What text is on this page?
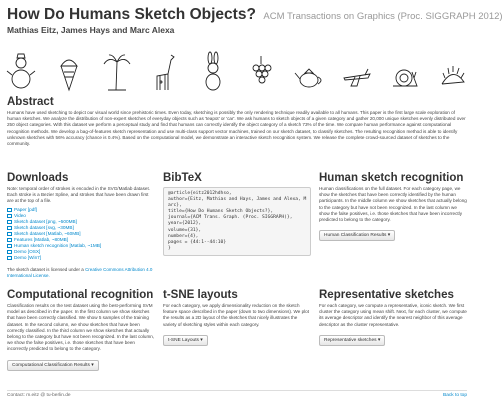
How Do Humans Sketch Objects? ACM Transactions on Graphics (Proc. SIGGRAPH 2012)
Mathias Eitz, James Hays and Marc Alexa
Abstract

Humans have used sketching to depict our visual world since prehistoric times. Even today, sketching is possibly the only rendering technique readily available to all humans. This paper is the first large scale exploration of human sketches. We analyze the distribution of non-expert sketches of everyday objects such as 'teapot' or 'car'. We ask humans to sketch objects of a given category and gather 20,000 unique sketches evenly distributed over 250 object categories. With this dataset we perform a perceptual study and find that humans can correctly identify the object category of a sketch 73% of the time. We compare human performance against computational recognition methods. We develop a bag-of-features sketch representation and use multi-class support vector machines, trained on our sketch dataset, to classify sketches. The resulting recognition method is able to identify unknown sketches with 56% accuracy (chance is 0.4%). Based on the computational model, we demonstrate an interactive sketch recognition system. We release the complete crowd-sourced dataset of sketches to the community.

Downloads

Note: temporal order of strokes is encoded in the SVG/Matlab dataset. Each stroke is a Bezier Spline, and strokes that have been drawn first are at the top of a file.

Paper [pdf]
Video
Sketch dataset [png, ~500MB]
Sketch dataset [svg, ~30MB]
Sketch dataset [Matlab, ~60MB]
Features [Matlab, ~80MB]
Human sketch recognition [Matlab, ~1MB]
Demo [OSX]
Demo [Win7]
The sketch dataset is licensed under a Creative Commons Attribution 4.0 International License.
BibTeX
@article{eitz2012hdhso,
author={Eitz, Mathias and Hays, James and Alexa, M
arc},
title={How Do Humans Sketch Objects?},
journal={ACM Trans. Graph. (Proc. SIGGRAPH)},
year={2012},
volume={31},
number={4},
pages = {44:1--44:10}
}
Human sketch recognition

Human classifications on the full dataset. For each category page, we show the sketches that have been correctly identified by the human participants. In the middle column we show sketches that actually belong to the category but have not been recognized. In the last column we show the false positives, i.e. those sketches that have been incorrectly predicted to belong to the category.

Human Classification Results ▾
Computational recognition

Classification results on the test dataset using the best-performing SVM model as described in the paper. In the first column we show sketches that have been correctly classified. We show 5 samples of the training dataset. In the second column, we show sketches that have been correctly classified. In the third column we show sketches that actually belong to the category but have not been recognized. In the last column, we show the false positives, i.e. those sketches that have been incorrectly predicted to belong to the category.

Computational Classification Results ▾
t-SNE layouts

For each category, we apply dimensionality reduction on the sketch feature space described in the paper (down to two dimensions). We plot the results as a 2D layout of the sketches that nicely illustrates the variety of sketching styles within each category.

t-SNE Layouts ▾
Representative sketches

For each category, we compute a representative, iconic sketch. We first cluster the category using mean shift. Next, for each cluster, we compute its average descriptor and identify the nearest neighbor of this average descriptor as the cluster representative.

Representative sketches ▾
Contact: m.eitz @ tu-berlin.de	Back to top
